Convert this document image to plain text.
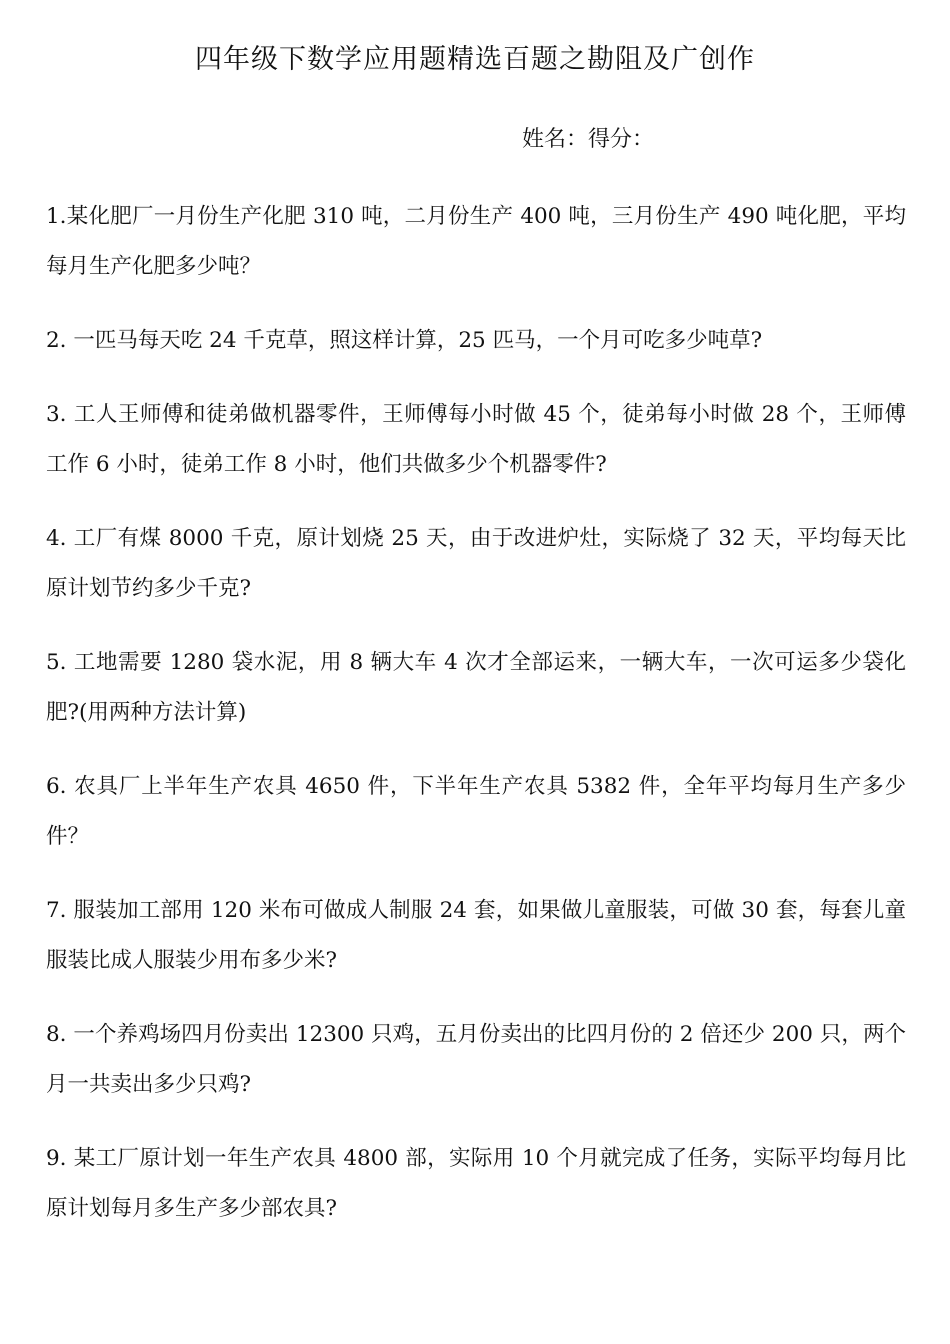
四年级下数学应用题精选百题之勘阻及广创作
姓名：得分：
1.某化肥厂一月份生产化肥 310 吨，二月份生产 400 吨，三月份生产 490 吨化肥，平均每月生产化肥多少吨？
2. 一匹马每天吃 24 千克草，照这样计算，25 匹马，一个月可吃多少吨草?
3. 工人王师傅和徒弟做机器零件，王师傅每小时做 45 个，徒弟每小时做 28 个，王师傅工作 6 小时，徒弟工作 8 小时，他们共做多少个机器零件?
4. 工厂有煤 8000 千克，原计划烧 25 天，由于改进炉灶，实际烧了 32 天，平均每天比原计划节约多少千克?
5. 工地需要 1280 袋水泥，用 8 辆大车 4 次才全部运来，一辆大车，一次可运多少袋化肥?(用两种方法计算)
6. 农具厂上半年生产农具 4650 件，下半年生产农具 5382 件，全年平均每月生产多少件？
7. 服装加工部用 120 米布可做成人制服 24 套，如果做儿童服装，可做 30 套，每套儿童服装比成人服装少用布多少米?
8. 一个养鸡场四月份卖出 12300 只鸡，五月份卖出的比四月份的 2 倍还少 200 只，两个月一共卖出多少只鸡?
9. 某工厂原计划一年生产农具 4800 部，实际用 10 个月就完成了任务，实际平均每月比原计划每月多生产多少部农具?
